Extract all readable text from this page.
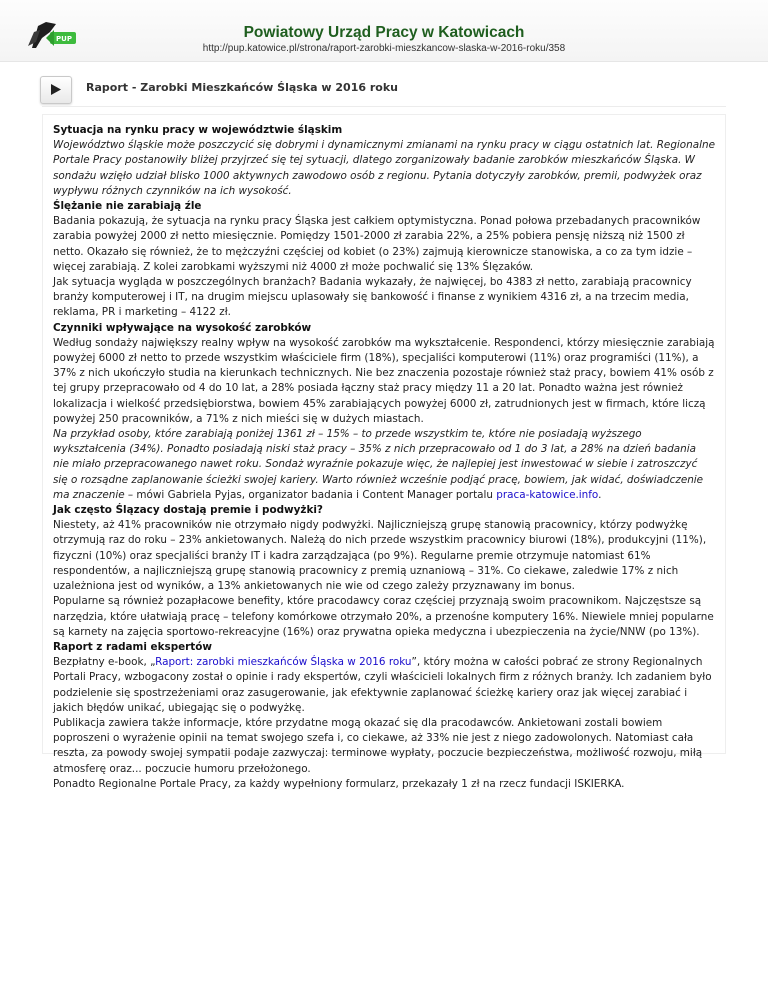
PUP	Powiatowy Urząd Pracy w Katowicach
http://pup.katowice.pl/strona/raport-zarobki-mieszkancow-slaska-w-2016-roku/358
Raport - Zarobki Mieszkańców Śląska w 2016 roku

Sytuacja na rynku pracy w województwie śląskim

Województwo śląskie może poszczycić się dobrymi i dynamicznymi zmianami na rynku pracy w ciągu ostatnich lat. Regionalne Portale Pracy postanowiły bliżej przyjrzeć się tej sytuacji, dlatego zorganizowały badanie zarobków mieszkańców Śląska. W sondażu wzięło udział blisko 1000 aktywnych zawodowo osób z regionu. Pytania dotyczyły zarobków, premii, podwyżek oraz wypływu różnych czynników na ich wysokość.

Ślężanie nie zarabiają źle

Badania pokazują, że sytuacja na rynku pracy Śląska jest całkiem optymistyczna. Ponad połowa przebadanych pracowników zarabia powyżej 2000 zł netto miesięcznie. Pomiędzy 1501-2000 zł zarabia 22%, a 25% pobiera pensję niższą niż 1500 zł netto. Okazało się również, że to mężczyźni częściej od kobiet (o 23%) zajmują kierownicze stanowiska, a co za tym idzie – więcej zarabiają. Z kolei zarobkami wyższymi niż 4000 zł może pochwalić się 13% Ślęzaków.

Jak sytuacja wygląda w poszczególnych branżach? Badania wykazały, że najwięcej, bo 4383 zł netto, zarabiają pracownicy branży komputerowej i IT, na drugim miejscu uplasowały się bankowość i finanse z wynikiem 4316 zł, a na trzecim media, reklama, PR i marketing – 4122 zł.

Czynniki wpływające na wysokość zarobków

Według sondaży największy realny wpływ na wysokość zarobków ma wykształcenie. Respondenci, którzy miesięcznie zarabiają powyżej 6000 zł netto to przede wszystkim właściciele firm (18%), specjaliści komputerowi (11%) oraz programiści (11%), a 37% z nich ukończyło studia na kierunkach technicznych. Nie bez znaczenia pozostaje również staż pracy, bowiem 41% osób z tej grupy przepracowało od 4 do 10 lat, a 28% posiada łączny staż pracy między 11 a 20 lat. Ponadto ważna jest również lokalizacja i wielkość przedsiębiorstwa, bowiem 45% zarabiających powyżej 6000 zł, zatrudnionych jest w firmach, które liczą powyżej 250 pracowników, a 71% z nich mieści się w dużych miastach.

Na przykład osoby, które zarabiają poniżej 1361 zł – 15% – to przede wszystkim te, które nie posiadają wyższego wykształcenia (34%). Ponadto posiadają niski staż pracy – 35% z nich przepracowało od 1 do 3 lat, a 28% na dzień badania nie miało przepracowanego nawet roku. Sondaż wyraźnie pokazuje więc, że najlepiej jest inwestować w siebie i zatroszczyć się o rozsądne zaplanowanie ścieżki swojej kariery. Warto również wcześnie podjąć pracę, bowiem, jak widać, doświadczenie ma znaczenie – mówi Gabriela Pyjas, organizator badania i Content Manager portalu praca-katowice.info.

Jak często Ślązacy dostają premie i podwyżki?

Niestety, aż 41% pracowników nie otrzymało nigdy podwyżki. Najliczniejszą grupę stanowią pracownicy, którzy podwyżkę otrzymują raz do roku – 23% ankietowanych. Należą do nich przede wszystkim pracownicy biurowi (18%), produkcyjni (11%), fizyczni (10%) oraz specjaliści branży IT i kadra zarządzająca (po 9%). Regularne premie otrzymuje natomiast 61% respondentów, a najliczniejszą grupę stanowią pracownicy z premią uznaniową – 31%. Co ciekawe, zaledwie 17% z nich uzależniona jest od wyników, a 13% ankietowanych nie wie od czego zależy przyznawany im bonus.

Popularne są również pozapłacowe benefity, które pracodawcy coraz częściej przyznają swoim pracownikom. Najczęstsze są narzędzia, które ułatwiają pracę – telefony komórkowe otrzymało 20%, a przenośne komputery 16%. Niewiele mniej popularne są karnety na zajęcia sportowo-rekreacyjne (16%) oraz prywatna opieka medyczna i ubezpieczenia na życie/NNW (po 13%).

Raport z radami ekspertów

Bezpłatny e-book, „Raport: zarobki mieszkańców Śląska w 2016 roku”, który można w całości pobrać ze strony Regionalnych Portali Pracy, wzbogacony został o opinie i rady ekspertów, czyli właścicieli lokalnych firm z różnych branży. Ich zadaniem było podzielenie się spostrzeżeniami oraz zasugerowanie, jak efektywnie zaplanować ścieżkę kariery oraz jak więcej zarabiać i jakich błędów unikać, ubiegając się o podwyżkę.

Publikacja zawiera także informacje, które przydatne mogą okazać się dla pracodawców. Ankietowani zostali bowiem poproszeni o wyrażenie opinii na temat swojego szefa i, co ciekawe, aż 33% nie jest z niego zadowolonych. Natomiast cała reszta, za powody swojej sympatii podaje zazwyczaj: terminowe wypłaty, poczucie bezpieczeństwa, możliwość rozwoju, miłą atmosferę oraz... poczucie humoru przełożonego.

Ponadto Regionalne Portale Pracy, za każdy wypełniony formularz, przekazały 1 zł na rzecz fundacji ISKIERKA.
